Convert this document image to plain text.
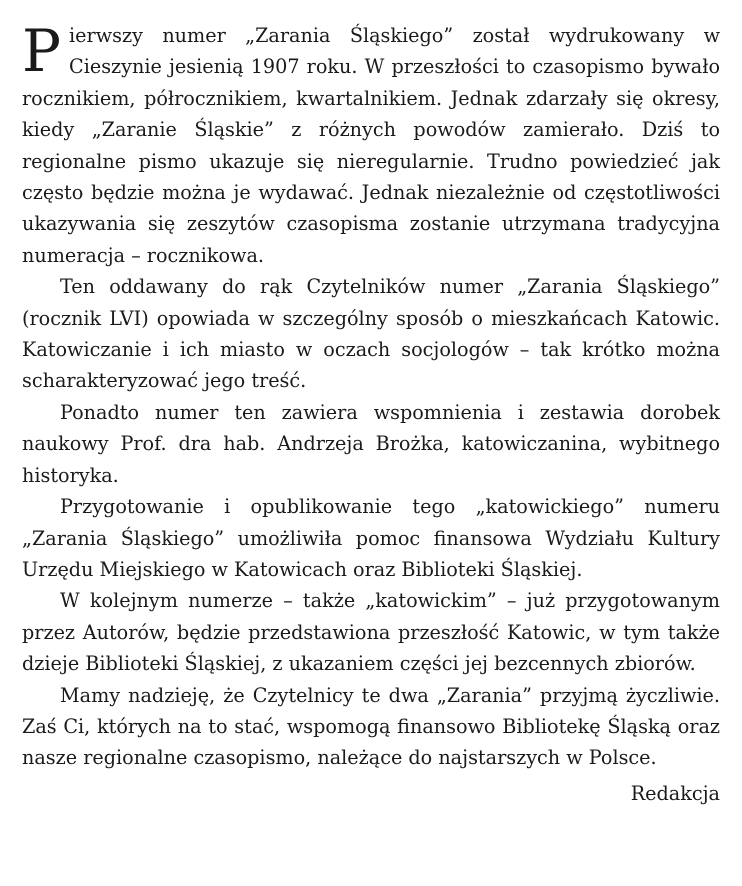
Pierwszy numer „Zarania Śląskiego” został wydrukowany w Cieszynie jesienią 1907 roku. W przeszłości to czasopismo bywało rocznikiem, półrocznikiem, kwartalnikiem. Jednak zdarzały się okresy, kiedy „Zaranie Śląskie” z różnych powodów zamierało. Dziś to regionalne pismo ukazuje się nieregularnie. Trudno powiedzieć jak często będzie można je wydawać. Jednak niezależnie od częstotliwości ukazywania się zeszytów czasopisma zostanie utrzymana tradycyjna numeracja – rocznikowa.

Ten oddawany do rąk Czytelników numer „Zarania Śląskiego” (rocznik LVI) opowiada w szczególny sposób o mieszkańcach Katowic. Katowiczanie i ich miasto w oczach socjologów – tak krótko można scharakteryzować jego treść.

Ponadto numer ten zawiera wspomnienia i zestawia dorobek naukowy Prof. dra hab. Andrzeja Brożka, katowiczanina, wybitnego historyka.

Przygotowanie i opublikowanie tego „katowickiego” numeru „Zarania Śląskiego” umożliwiła pomoc finansowa Wydziału Kultury Urzędu Miejskiego w Katowicach oraz Biblioteki Śląskiej.

W kolejnym numerze – także „katowickim” – już przygotowanym przez Autorów, będzie przedstawiona przeszłość Katowic, w tym także dzieje Biblioteki Śląskiej, z ukazaniem części jej bezcennych zbiorów.

Mamy nadzieję, że Czytelnicy te dwa „Zarania” przyjmą życzliwie. Zaś Ci, których na to stać, wspomogą finansowo Bibliotekę Śląską oraz nasze regionalne czasopismo, należące do najstarszych w Polsce.

Redakcja
